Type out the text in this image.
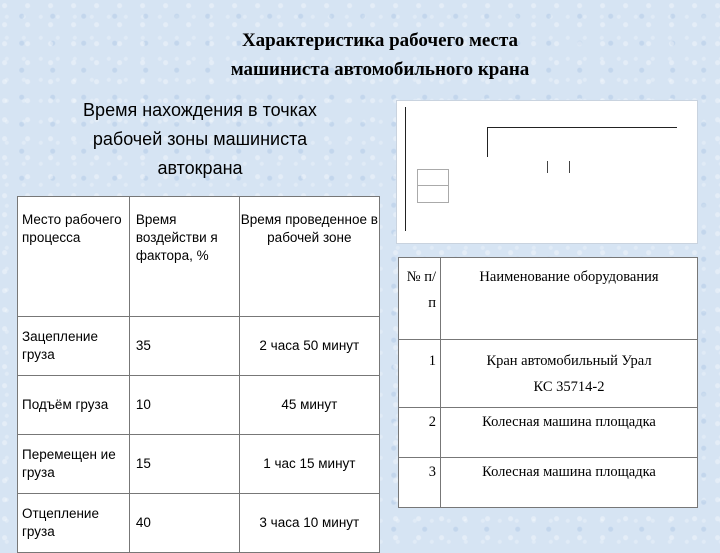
Характеристика рабочего места
машиниста автомобильного крана
Время нахождения в точках
рабочей зоны машиниста
автокрана
Место рабочего процесса	Время воздействи я фактора, %	Время проведенное в рабочей зоне
Зацепление груза	35	2 часа 50 минут
Подъём груза	10	45 минут
Перемещен ие груза	15	1 час 15 минут
Отцепление груза	40	3 часа 10 минут
№ п/п	Наименование оборудования
1	Кран автомобильный Урал
КС 35714-2

2	Колесная машина площадка
3	Колесная машина площадка
